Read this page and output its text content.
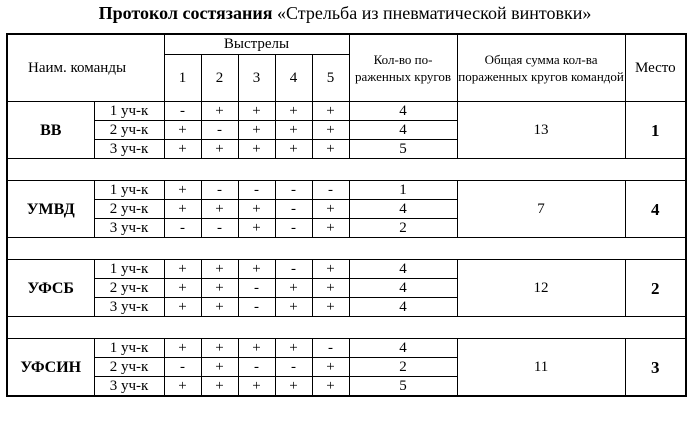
Протокол состязания «Стрельба из пневматической винтовки»
Наим. команды		Выстрелы					Кол-во по-раженных кругов	Общая сумма кол-ва пораженных кругов командой	Место
		1	2	3	4	5			
ВВ	1 уч-к	-	+	+	+	+	4	13	1
	2 уч-к	+	-	+	+	+	4		
	3 уч-к	+	+	+	+	+	5		

УМВД	1 уч-к	+	-	-	-	-	1	7	4
	2 уч-к	+	+	+	-	+	4		
	3 уч-к	-	-	+	-	+	2		

УФСБ	1 уч-к	+	+	+	-	+	4	12	2
	2 уч-к	+	+	-	+	+	4		
	3 уч-к	+	+	-	+	+	4		

УФСИН	1 уч-к	+	+	+	+	-	4	11	3
	2 уч-к	-	+	-	-	+	2		
	3 уч-к	+	+	+	+	+	5		
